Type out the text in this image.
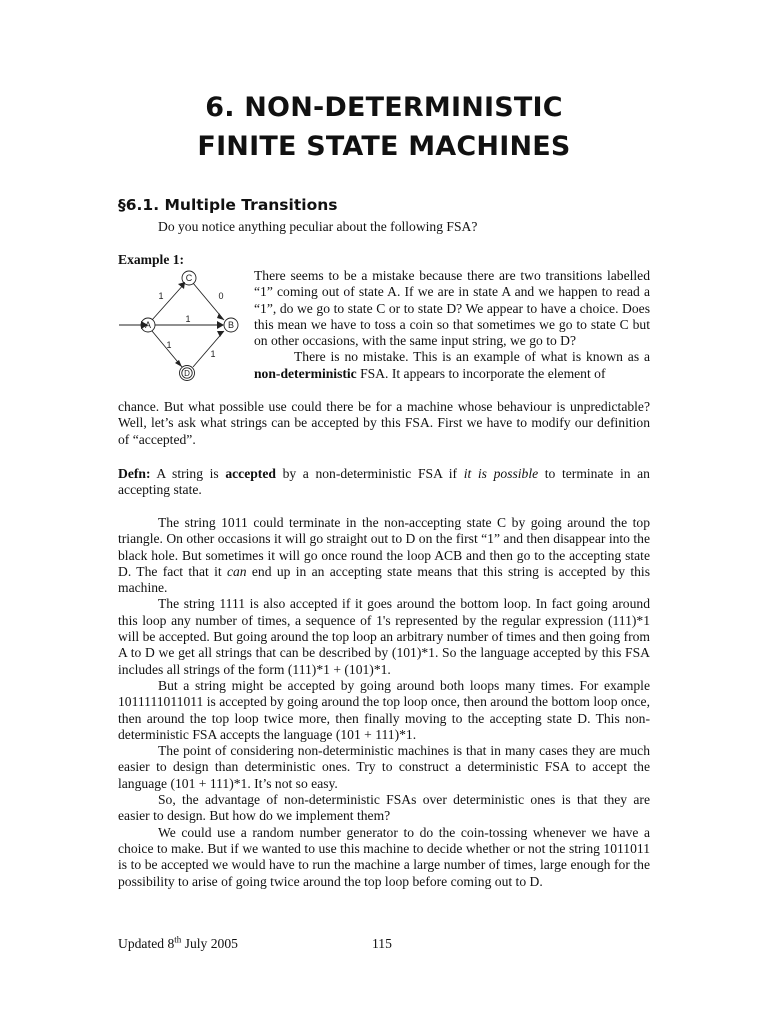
6. NON-DETERMINISTIC
FINITE STATE MACHINES
§6.1. Multiple Transitions
Do you notice anything peculiar about the following FSA?
Example 1:
C
A	B
D
1	0
1
1
1
There seems to be a mistake because there are two transitions labelled “1” coming out of state A. If we are in state A and we happen to read a “1”, do we go to state C or to state D? We appear to have a choice. Does this mean we have to toss a coin so that sometimes we go to state C but on other occasions, with the same input string, we go to D?
There is no mistake. This is an example of what is known as a non-deterministic FSA. It appears to incorporate the element of
chance. But what possible use could there be for a machine whose behaviour is unpredictable? Well, let’s ask what strings can be accepted by this FSA. First we have to modify our definition of “accepted”.
Defn: A string is accepted by a non-deterministic FSA if it is possible to terminate in an accepting state.
The string 1011 could terminate in the non-accepting state C by going around the top triangle. On other occasions it will go straight out to D on the first “1” and then disappear into the black hole. But sometimes it will go once round the loop ACB and then go to the accepting state D. The fact that it can end up in an accepting state means that this string is accepted by this machine.
The string 1111 is also accepted if it goes around the bottom loop. In fact going around this loop any number of times, a sequence of 1's represented by the regular expression (111)*1 will be accepted. But going around the top loop an arbitrary number of times and then going from A to D we get all strings that can be described by (101)*1. So the language accepted by this FSA includes all strings of the form (111)*1 + (101)*1.
But a string might be accepted by going around both loops many times. For example 1011111011011 is accepted by going around the top loop once, then around the bottom loop once, then around the top loop twice more, then finally moving to the accepting state D. This non-deterministic FSA accepts the language (101 + 111)*1.
The point of considering non-deterministic machines is that in many cases they are much easier to design than deterministic ones. Try to construct a deterministic FSA to accept the language (101 + 111)*1. It’s not so easy.
So, the advantage of non-deterministic FSAs over deterministic ones is that they are easier to design. But how do we implement them?
We could use a random number generator to do the coin-tossing whenever we have a choice to make. But if we wanted to use this machine to decide whether or not the string 1011011 is to be accepted we would have to run the machine a large number of times, large enough for the possibility to arise of going twice around the top loop before coming out to D.
Updated 8th July 2005	115
